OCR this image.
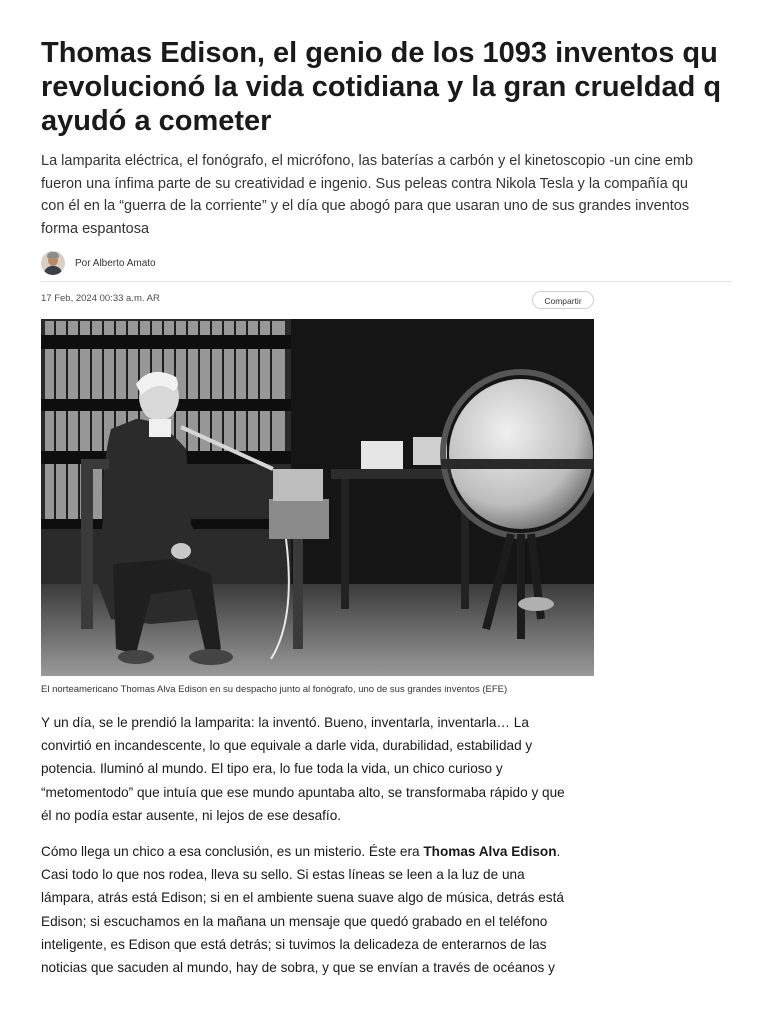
Thomas Edison, el genio de los 1093 inventos qu
revolucionó la vida cotidiana y la gran crueldad q
ayudó a cometer

La lamparita eléctrica, el fonógrafo, el micrófono, las baterías a carbón y el kinetoscopio -un cine emb
fueron una ínfima parte de su creatividad e ingenio. Sus peleas contra Nikola Tesla y la compañía qu
con él en la “guerra de la corriente” y el día que abogó para que usaran uno de sus grandes inventos
forma espantosa

Por Alberto Amato
17 Feb, 2024 00:33 a.m. AR	Compartir
El norteamericano Thomas Alva Edison en su despacho junto al fonógrafo, uno de sus grandes inventos (EFE)

Y un día, se le prendió la lamparita: la inventó. Bueno, inventarla, inventarla… La
convirtió en incandescente, lo que equivale a darle vida, durabilidad, estabilidad y
potencia. Iluminó al mundo. El tipo era, lo fue toda la vida, un chico curioso y
“metomentodo” que intuía que ese mundo apuntaba alto, se transformaba rápido y que
él no podía estar ausente, ni lejos de ese desafío.

Cómo llega un chico a esa conclusión, es un misterio. Éste era Thomas Alva Edison.
Casi todo lo que nos rodea, lleva su sello. Si estas líneas se leen a la luz de una
lámpara, atrás está Edison; si en el ambiente suena suave algo de música, detrás está
Edison; si escuchamos en la mañana un mensaje que quedó grabado en el teléfono
inteligente, es Edison que está detrás; si tuvimos la delicadeza de enterarnos de las
noticias que sacuden al mundo, hay de sobra, y que se envían a través de océanos y
